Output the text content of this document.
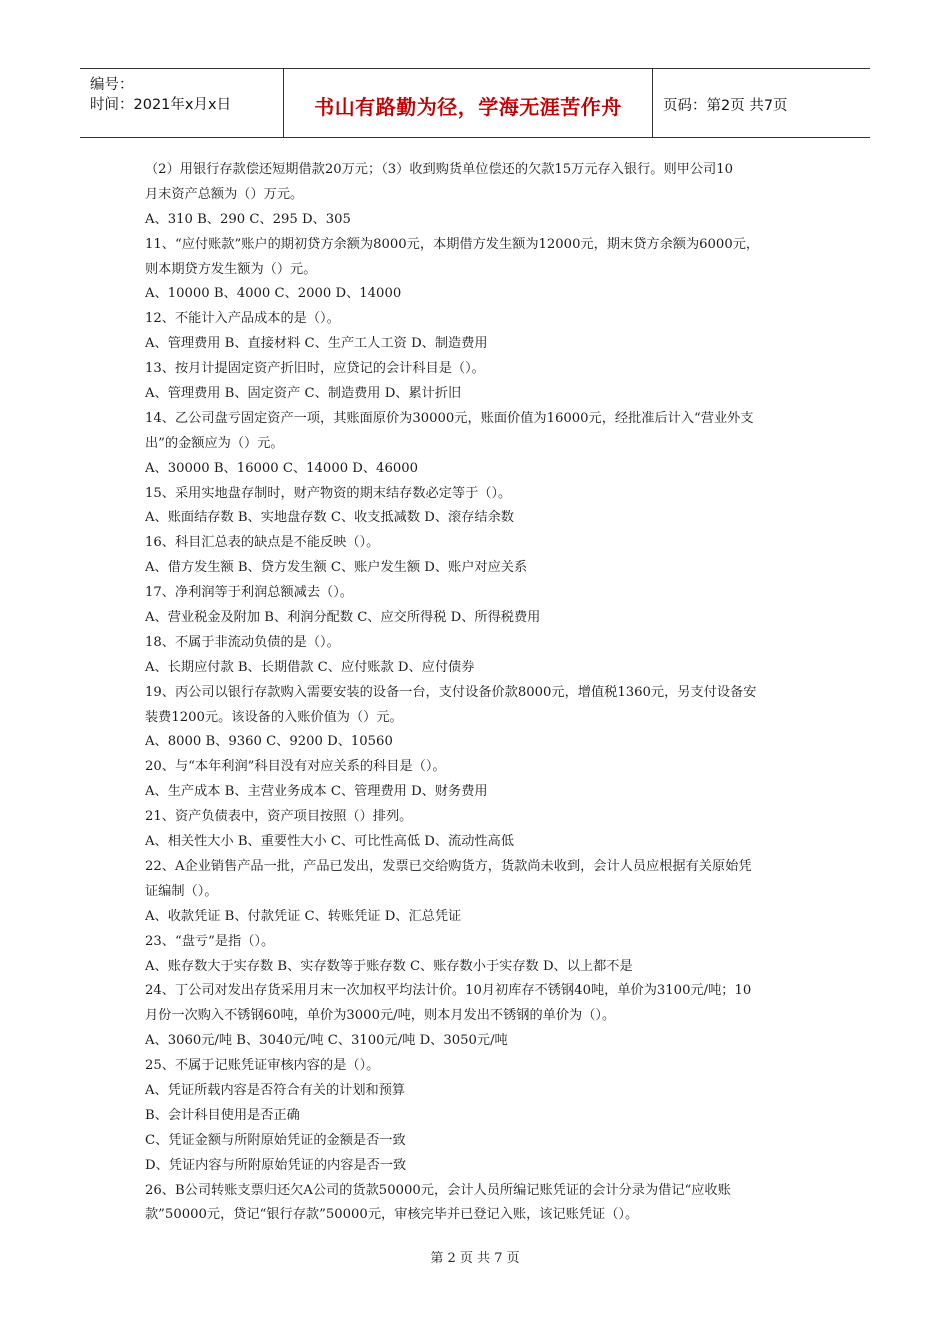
编号：
时间：2021年x月x日	书山有路勤为径，学海无涯苦作舟	页码：第2页 共7页
（2）用银行存款偿还短期借款20万元；（3）收到购货单位偿还的欠款15万元存入银行。则甲公司10
月末资产总额为（）万元。
A、310 B、290 C、295 D、305
11、“应付账款”账户的期初贷方余额为8000元，本期借方发生额为12000元，期末贷方余额为6000元，
则本期贷方发生额为（）元。
A、10000 B、4000 C、2000 D、14000
12、不能计入产品成本的是（）。
A、管理费用 B、直接材料 C、生产工人工资 D、制造费用
13、按月计提固定资产折旧时，应贷记的会计科目是（）。
A、管理费用 B、固定资产 C、制造费用 D、累计折旧
14、乙公司盘亏固定资产一项，其账面原价为30000元，账面价值为16000元，经批准后计入“营业外支
出”的金额应为（）元。
A、30000 B、16000 C、14000 D、46000
15、采用实地盘存制时，财产物资的期末结存数必定等于（）。
A、账面结存数 B、实地盘存数 C、收支抵减数 D、滚存结余数
16、科目汇总表的缺点是不能反映（）。
A、借方发生额 B、贷方发生额 C、账户发生额 D、账户对应关系
17、净利润等于利润总额减去（）。
A、营业税金及附加 B、利润分配数 C、应交所得税 D、所得税费用
18、不属于非流动负债的是（）。
A、长期应付款 B、长期借款 C、应付账款 D、应付债券
19、丙公司以银行存款购入需要安装的设备一台，支付设备价款8000元，增值税1360元，另支付设备安
装费1200元。该设备的入账价值为（）元。
A、8000 B、9360 C、9200 D、10560
20、与“本年利润”科目没有对应关系的科目是（）。
A、生产成本 B、主营业务成本 C、管理费用 D、财务费用
21、资产负债表中，资产项目按照（）排列。
A、相关性大小 B、重要性大小 C、可比性高低 D、流动性高低
22、A企业销售产品一批，产品已发出，发票已交给购货方，货款尚未收到，会计人员应根据有关原始凭
证编制（）。
A、收款凭证 B、付款凭证 C、转账凭证 D、汇总凭证
23、“盘亏”是指（）。
A、账存数大于实存数 B、实存数等于账存数 C、账存数小于实存数 D、以上都不是
24、丁公司对发出存货采用月末一次加权平均法计价。10月初库存不锈钢40吨，单价为3100元/吨；10
月份一次购入不锈钢60吨，单价为3000元/吨，则本月发出不锈钢的单价为（）。
A、3060元/吨 B、3040元/吨 C、3100元/吨 D、3050元/吨
25、不属于记账凭证审核内容的是（）。
A、凭证所载内容是否符合有关的计划和预算
B、会计科目使用是否正确
C、凭证金额与所附原始凭证的金额是否一致
D、凭证内容与所附原始凭证的内容是否一致
26、B公司转账支票归还欠A公司的货款50000元，会计人员所编记账凭证的会计分录为借记“应收账
款”50000元，贷记“银行存款”50000元，审核完毕并已登记入账，该记账凭证（）。
第 2 页 共 7 页
